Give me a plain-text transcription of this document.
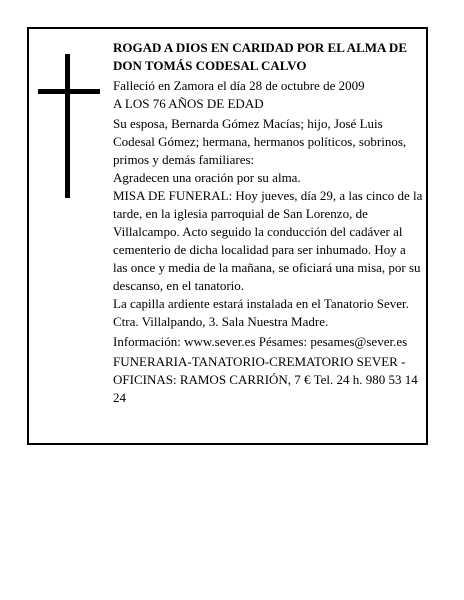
ROGAD A DIOS EN CARIDAD POR EL ALMA DE DON TOMÁS CODESAL CALVO

Falleció en Zamora el día 28 de octubre de 2009

A LOS 76 AÑOS DE EDAD

Su esposa, Bernarda Gómez Macías; hijo, José Luis Codesal Gómez; hermana, hermanos políticos, sobrinos, primos y demás familiares:

Agradecen una oración por su alma.

MISA DE FUNERAL: Hoy jueves, día 29, a las cinco de la tarde, en la iglesia parroquial de San Lorenzo, de Villalcampo. Acto seguido la conducción del cadáver al cementerio de dicha localidad para ser inhumado. Hoy a las once y media de la mañana, se oficiará una misa, por su descanso, en el tanatorio.

La capilla ardiente estará instalada en el Tanatorio Sever. Ctra. Villalpando, 3. Sala Nuestra Madre.

Información: www.sever.es Pésames: pesames@sever.es

FUNERARIA-TANATORIO-CREMATORIO SEVER - OFICINAS: RAMOS CARRIÓN, 7 € Tel. 24 h. 980 53 14 24
